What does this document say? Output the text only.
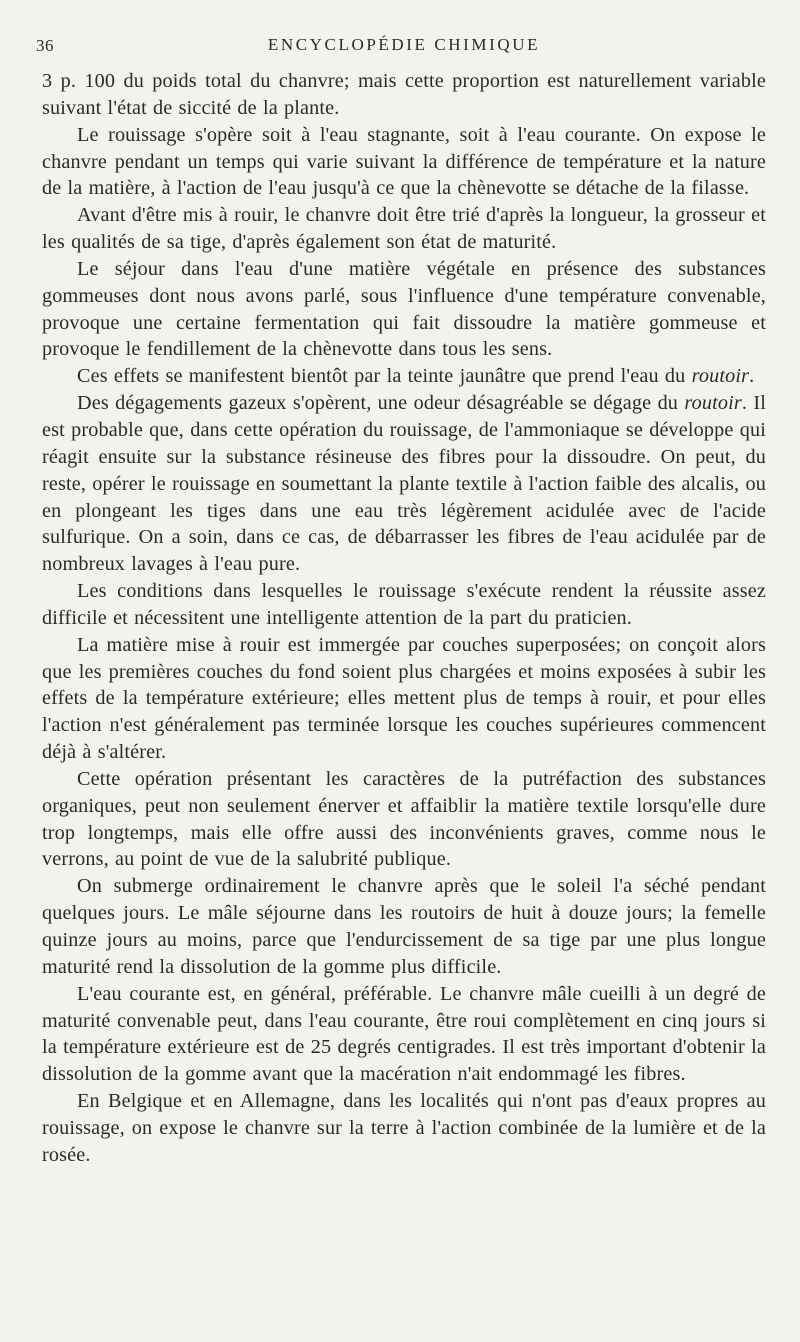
36	ENCYCLOPÉDIE CHIMIQUE

3 p. 100 du poids total du chanvre; mais cette proportion est naturellement variable suivant l'état de siccité de la plante.

Le rouissage s'opère soit à l'eau stagnante, soit à l'eau courante. On expose le chanvre pendant un temps qui varie suivant la différence de température et la nature de la matière, à l'action de l'eau jusqu'à ce que la chènevotte se détache de la filasse.

Avant d'être mis à rouir, le chanvre doit être trié d'après la longueur, la grosseur et les qualités de sa tige, d'après également son état de maturité.

Le séjour dans l'eau d'une matière végétale en présence des substances gommeuses dont nous avons parlé, sous l'influence d'une température convenable, provoque une certaine fermentation qui fait dissoudre la matière gommeuse et provoque le fendillement de la chènevotte dans tous les sens.

Ces effets se manifestent bientôt par la teinte jaunâtre que prend l'eau du routoir.

Des dégagements gazeux s'opèrent, une odeur désagréable se dégage du routoir. Il est probable que, dans cette opération du rouissage, de l'ammoniaque se développe qui réagit ensuite sur la substance résineuse des fibres pour la dissoudre. On peut, du reste, opérer le rouissage en soumettant la plante textile à l'action faible des alcalis, ou en plongeant les tiges dans une eau très légèrement acidulée avec de l'acide sulfurique. On a soin, dans ce cas, de débarrasser les fibres de l'eau acidulée par de nombreux lavages à l'eau pure.

Les conditions dans lesquelles le rouissage s'exécute rendent la réussite assez difficile et nécessitent une intelligente attention de la part du praticien.

La matière mise à rouir est immergée par couches superposées; on conçoit alors que les premières couches du fond soient plus chargées et moins exposées à subir les effets de la température extérieure; elles mettent plus de temps à rouir, et pour elles l'action n'est généralement pas terminée lorsque les couches supérieures commencent déjà à s'altérer.

Cette opération présentant les caractères de la putréfaction des substances organiques, peut non seulement énerver et affaiblir la matière textile lorsqu'elle dure trop longtemps, mais elle offre aussi des inconvénients graves, comme nous le verrons, au point de vue de la salubrité publique.

On submerge ordinairement le chanvre après que le soleil l'a séché pendant quelques jours. Le mâle séjourne dans les routoirs de huit à douze jours; la femelle quinze jours au moins, parce que l'endurcissement de sa tige par une plus longue maturité rend la dissolution de la gomme plus difficile.

L'eau courante est, en général, préférable. Le chanvre mâle cueilli à un degré de maturité convenable peut, dans l'eau courante, être roui complètement en cinq jours si la température extérieure est de 25 degrés centigrades. Il est très important d'obtenir la dissolution de la gomme avant que la macération n'ait endommagé les fibres.

En Belgique et en Allemagne, dans les localités qui n'ont pas d'eaux propres au rouissage, on expose le chanvre sur la terre à l'action combinée de la lumière et de la rosée.
